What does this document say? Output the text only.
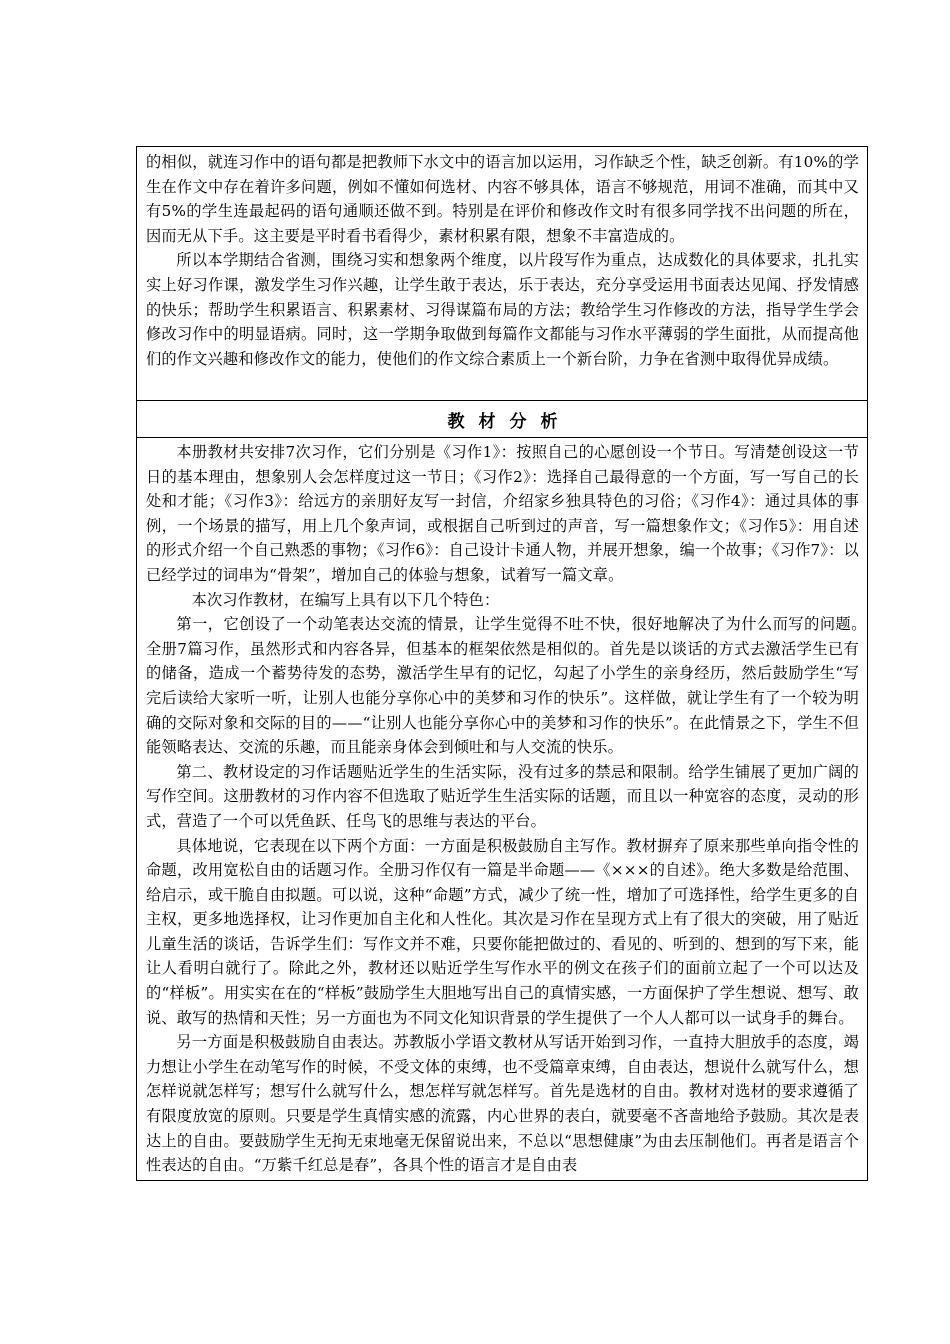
的相似，就连习作中的语句都是把教师下水文中的语言加以运用，习作缺乏个性，缺乏创新。有10%的学生在作文中存在着许多问题，例如不懂如何选材、内容不够具体，语言不够规范，用词不准确，而其中又有5%的学生连最起码的语句通顺还做不到。特别是在评价和修改作文时有很多同学找不出问题的所在，因而无从下手。这主要是平时看书看得少，素材积累有限，想象不丰富造成的。

所以本学期结合省测，围绕习实和想象两个维度，以片段写作为重点，达成数化的具体要求，扎扎实实上好习作课，激发学生习作兴趣，让学生敢于表达，乐于表达，充分享受运用书面表达见闻、抒发情感的快乐；帮助学生积累语言、积累素材、习得谋篇布局的方法；教给学生习作修改的方法，指导学生学会修改习作中的明显语病。同时，这一学期争取做到每篇作文都能与习作水平薄弱的学生面批，从而提高他们的作文兴趣和修改作文的能力，使他们的作文综合素质上一个新台阶，力争在省测中取得优异成绩。

教材分析

本册教材共安排7次习作，它们分别是《习作1》：按照自己的心愿创设一个节日。写清楚创设这一节日的基本理由，想象别人会怎样度过这一节日；《习作2》：选择自己最得意的一个方面，写一写自己的长处和才能；《习作3》：给远方的亲朋好友写一封信，介绍家乡独具特色的习俗；《习作4》：通过具体的事例，一个场景的描写，用上几个象声词，或根据自己听到过的声音，写一篇想象作文；《习作5》：用自述的形式介绍一个自己熟悉的事物；《习作6》：自己设计卡通人物，并展开想象，编一个故事；《习作7》：以已经学过的词串为“骨架”，增加自己的体验与想象，试着写一篇文章。

本次习作教材，在编写上具有以下几个特色：

第一，它创设了一个动笔表达交流的情景，让学生觉得不吐不快，很好地解决了为什么而写的问题。　全册7篇习作，虽然形式和内容各异，但基本的框架依然是相似的。首先是以谈话的方式去激活学生已有的储备，造成一个蓄势待发的态势，激活学生早有的记忆，勾起了小学生的亲身经历，然后鼓励学生“写完后读给大家听一听，让别人也能分享你心中的美梦和习作的快乐”。这样做，就让学生有了一个较为明确的交际对象和交际的目的——“让别人也能分享你心中的美梦和习作的快乐”。在此情景之下，学生不但能领略表达、交流的乐趣，而且能亲身体会到倾吐和与人交流的快乐。

第二、教材设定的习作话题贴近学生的生活实际，没有过多的禁忌和限制。给学生铺展了更加广阔的写作空间。这册教材的习作内容不但选取了贴近学生生活实际的话题，而且以一种宽容的态度，灵动的形式，营造了一个可以凭鱼跃、任鸟飞的思维与表达的平台。

具体地说，它表现在以下两个方面：一方面是积极鼓励自主写作。教材摒弃了原来那些单向指令性的命题，改用宽松自由的话题习作。全册习作仅有一篇是半命题——《×××的自述》。绝大多数是给范围、给启示，或干脆自由拟题。可以说，这种“命题”方式，减少了统一性，增加了可选择性，给学生更多的自主权，更多地选择权，让习作更加自主化和人性化。其次是习作在呈现方式上有了很大的突破，用了贴近儿童生活的谈话，告诉学生们：写作文并不难，只要你能把做过的、看见的、听到的、想到的写下来，能让人看明白就行了。除此之外，教材还以贴近学生写作水平的例文在孩子们的面前立起了一个可以达及的“样板”。用实实在在的“样板”鼓励学生大胆地写出自己的真情实感，一方面保护了学生想说、想写、敢说、敢写的热情和天性；另一方面也为不同文化知识背景的学生提供了一个人人都可以一试身手的舞台。

另一方面是积极鼓励自由表达。苏教版小学语文教材从写话开始到习作，一直持大胆放手的态度，竭力想让小学生在动笔写作的时候，不受文体的束缚，也不受篇章束缚，自由表达，想说什么就写什么，想怎样说就怎样写；想写什么就写什么，想怎样写就怎样写。首先是选材的自由。教材对选材的要求遵循了有限度放宽的原则。只要是学生真情实感的流露，内心世界的表白，就要毫不吝啬地给予鼓励。其次是表达上的自由。要鼓励学生无拘无束地毫无保留说出来，不总以“思想健康”为由去压制他们。再者是语言个性表达的自由。“万紫千红总是春”，各具个性的语言才是自由表
